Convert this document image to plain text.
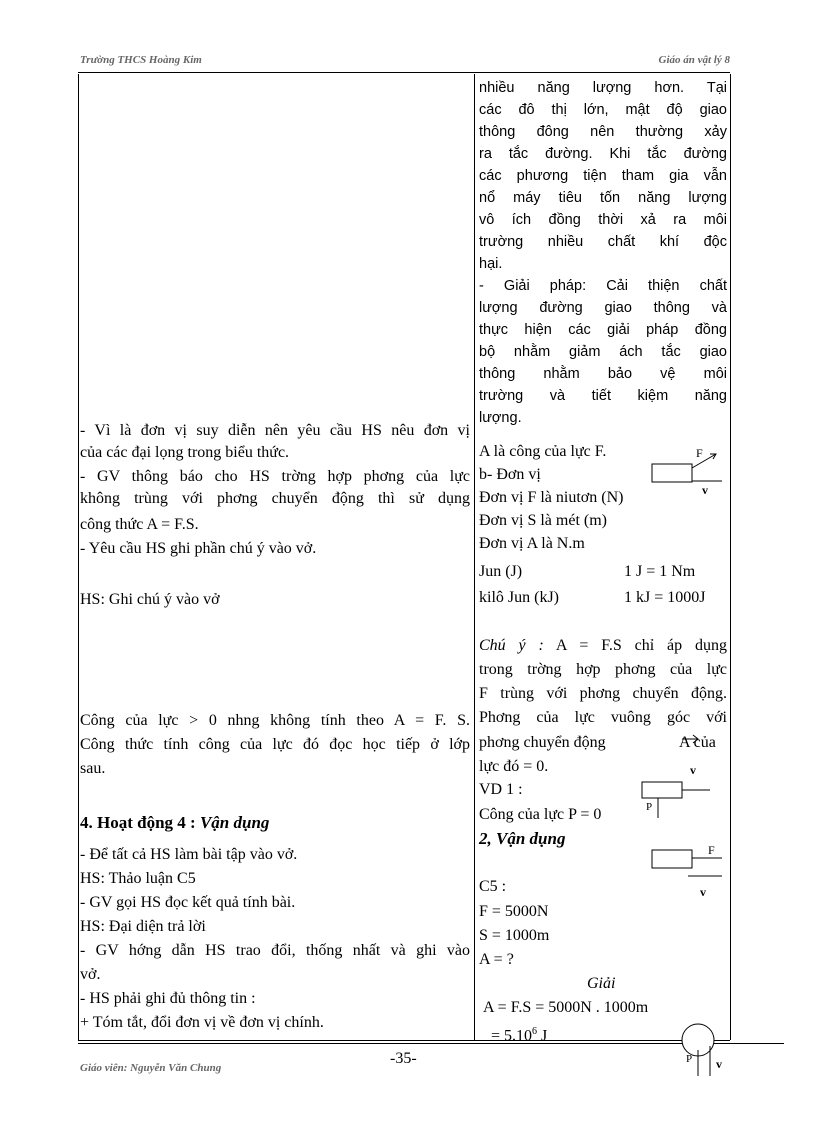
Trường THCS Hoàng Kim	Giáo án vật lý 8
- Vì là đơn vị suy diễn nên yêu cầu HS nêu đơn vị
của các đại lọng trong biểu thức.
- GV thông báo cho HS trờng hợp phơng của lực
không trùng với phơng chuyển động thì sử dụng
công thức A = F.S.
- Yêu cầu HS ghi phần chú ý vào vở.
HS: Ghi chú ý vào vở
Công của lực > 0 nhng không tính theo A = F. S.
Công thức tính công của lực đó đọc học tiếp ở lớp
sau.
4. Hoạt động 4 : Vận dụng
- Để tất cả HS làm bài tập vào vở.
HS: Thảo luận C5
- GV gọi HS đọc kết quả tính bài.
HS: Đại diện trả lời
- GV hớng dẫn HS trao đổi, thống nhất và ghi vào
vở.
- HS phải ghi đủ thông tin :
+ Tóm tắt, đổi đơn vị về đơn vị chính.
nhiều năng lượng hơn. Tại
các đô thị lớn, mật độ giao
thông đông nên thường xảy
ra tắc đường. Khi tắc đường
các phương tiện tham gia vẫn
nổ máy tiêu tốn năng lượng
vô ích đồng thời xả ra môi
trường nhiều chất khí độc
hại.
- Giải pháp: Cải thiện chất
lượng đường giao thông và
thực hiện các giải pháp đồng
bộ nhằm giảm ách tắc giao
thông nhằm bảo vệ môi
trường và tiết kiệm năng
lượng.
A là công của lực F.
b- Đơn vị
Đơn vị F là niutơn (N)
Đơn vị S là mét (m)
Đơn vị A là N.m
Jun (J)	1 J = 1 Nm
kilô Jun (kJ)	1 kJ = 1000J
Chú ý : A = F.S chỉ áp dụng
trong trờng hợp phơng của lực
F trùng với phơng chuyển động.
Phơng của lực vuông góc với
phơng chuyển động	A của
lực đó = 0.
VD 1 :
Công của lực P = 0
2, Vận dụng
C5 :
F = 5000N
S = 1000m
A = ?
Giải
A = F.S = 5000N . 1000m
= $5.10^6$ J
F
v
v
P
F
v
P v
-35-
Giáo viên: Nguyễn Văn Chung
